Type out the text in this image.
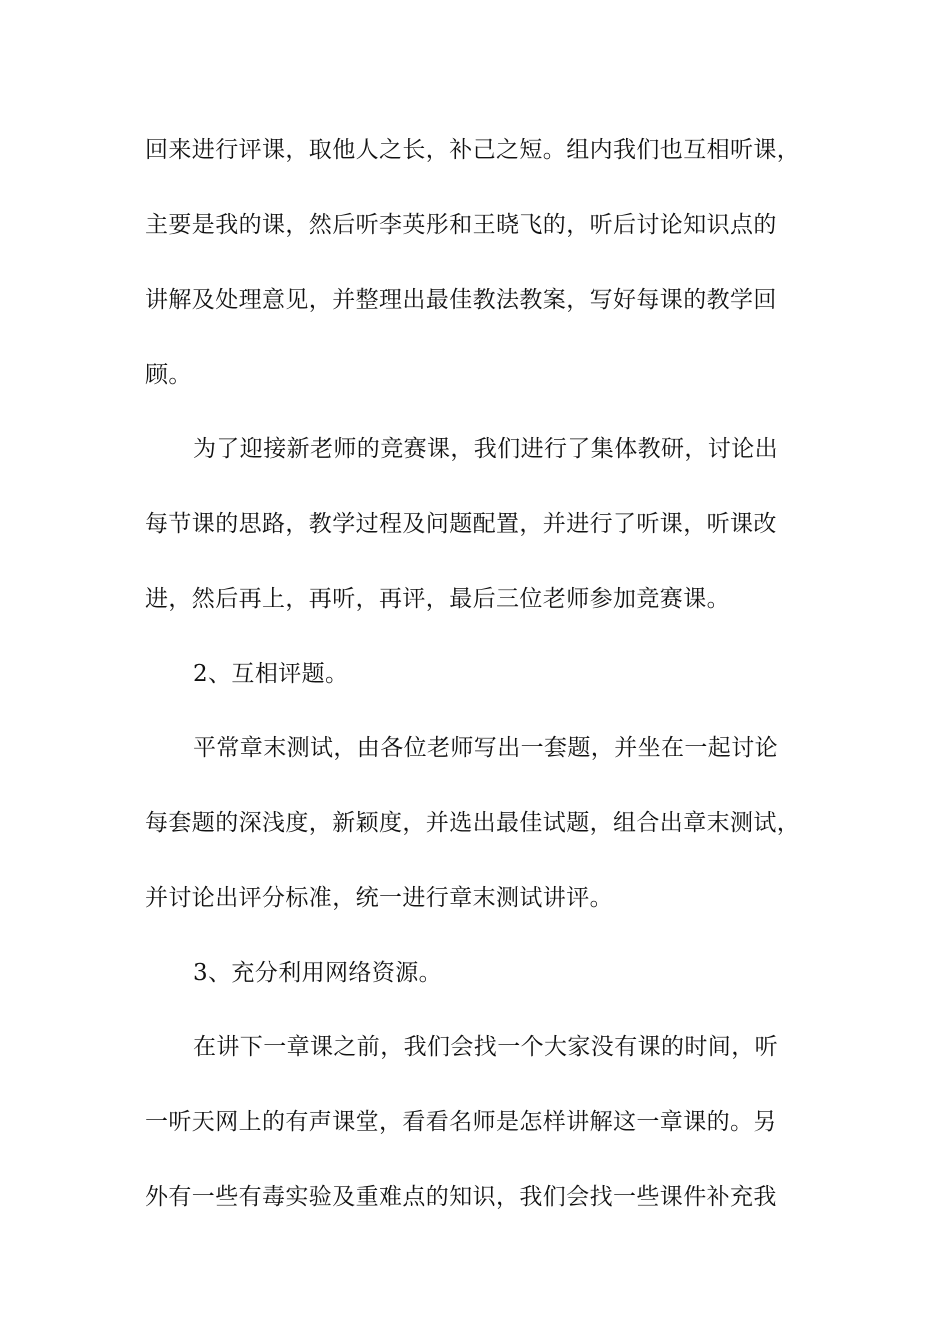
回来进行评课，取他人之长，补己之短。组内我们也互相听课，
主要是我的课，然后听李英彤和王晓飞的，听后讨论知识点的
讲解及处理意见，并整理出最佳教法教案，写好每课的教学回
顾。
为了迎接新老师的竞赛课，我们进行了集体教研，讨论出
每节课的思路，教学过程及问题配置，并进行了听课，听课改
进，然后再上，再听，再评，最后三位老师参加竞赛课。
2、互相评题。
平常章末测试，由各位老师写出一套题，并坐在一起讨论
每套题的深浅度，新颖度，并选出最佳试题，组合出章末测试，
并讨论出评分标准，统一进行章末测试讲评。
3、充分利用网络资源。
在讲下一章课之前，我们会找一个大家没有课的时间，听
一听天网上的有声课堂，看看名师是怎样讲解这一章课的。另
外有一些有毒实验及重难点的知识，我们会找一些课件补充我
